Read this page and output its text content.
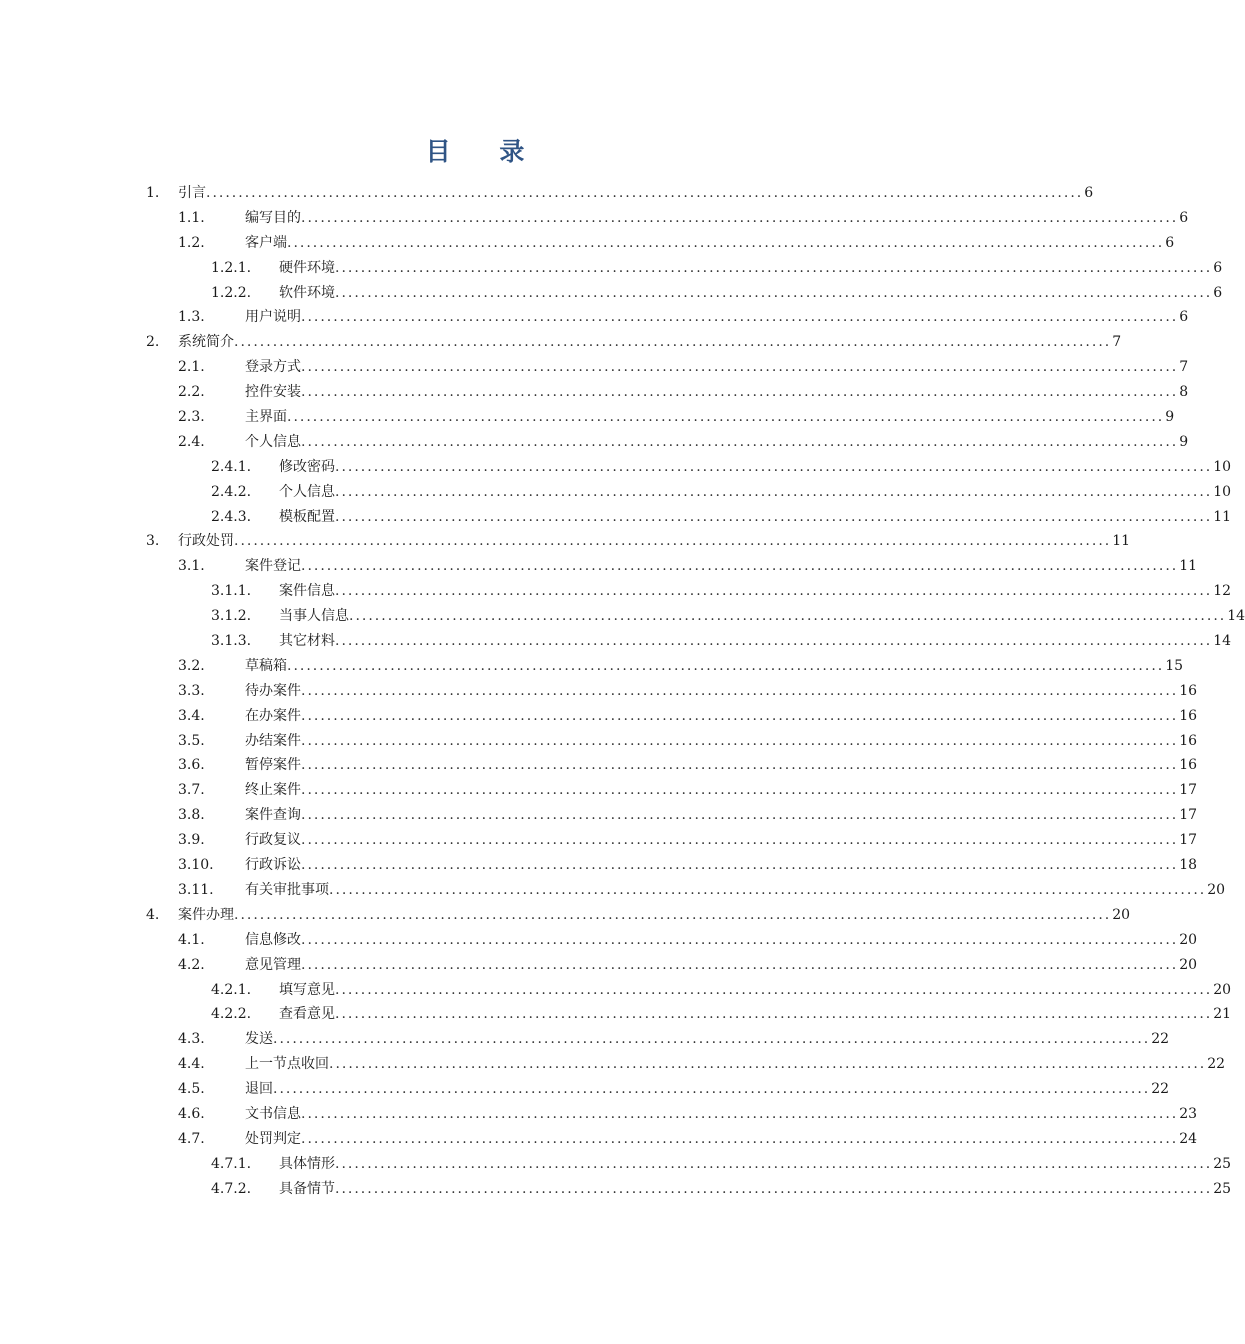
目 录
1. 引言 ........................................................................................................................................ 6
1.1.	编写目的 ........................................................................................................................................ 6
1.2.	客户端 ........................................................................................................................................ 6
1.2.1. 硬件环境 ........................................................................................................................................ 6
1.2.2. 软件环境 ........................................................................................................................................ 6
1.3.	用户说明 ........................................................................................................................................ 6
2. 系统简介 ........................................................................................................................................ 7
2.1.	登录方式 ........................................................................................................................................ 7
2.2.	控件安装 ........................................................................................................................................ 8
2.3.	主界面 ........................................................................................................................................ 9
2.4.	个人信息 ........................................................................................................................................ 9
2.4.1. 修改密码 ........................................................................................................................................ 10
2.4.2. 个人信息 ........................................................................................................................................ 10
2.4.3. 模板配置 ........................................................................................................................................ 11
3. 行政处罚 ........................................................................................................................................ 11
3.1.	案件登记 ........................................................................................................................................ 11
3.1.1. 案件信息 ........................................................................................................................................ 12
3.1.2. 当事人信息 ........................................................................................................................................ 14
3.1.3. 其它材料 ........................................................................................................................................ 14
3.2.	草稿箱 ........................................................................................................................................ 15
3.3.	待办案件 ........................................................................................................................................ 16
3.4.	在办案件 ........................................................................................................................................ 16
3.5.	办结案件 ........................................................................................................................................ 16
3.6.	暂停案件 ........................................................................................................................................ 16
3.7.	终止案件 ........................................................................................................................................ 17
3.8.	案件查询 ........................................................................................................................................ 17
3.9.	行政复议 ........................................................................................................................................ 17
3.10. 行政诉讼 ........................................................................................................................................ 18
3.11. 有关审批事项 ........................................................................................................................................ 20
4. 案件办理 ........................................................................................................................................ 20
4.1.	信息修改 ........................................................................................................................................ 20
4.2.	意见管理 ........................................................................................................................................ 20
4.2.1. 填写意见 ........................................................................................................................................ 20
4.2.2. 查看意见 ........................................................................................................................................ 21
4.3.	发送 ........................................................................................................................................ 22
4.4.	上一节点收回 ........................................................................................................................................ 22
4.5.	退回 ........................................................................................................................................ 22
4.6.	文书信息 ........................................................................................................................................ 23
4.7.	处罚判定 ........................................................................................................................................ 24
4.7.1. 具体情形 ........................................................................................................................................ 25
4.7.2. 具备情节 ........................................................................................................................................ 25
